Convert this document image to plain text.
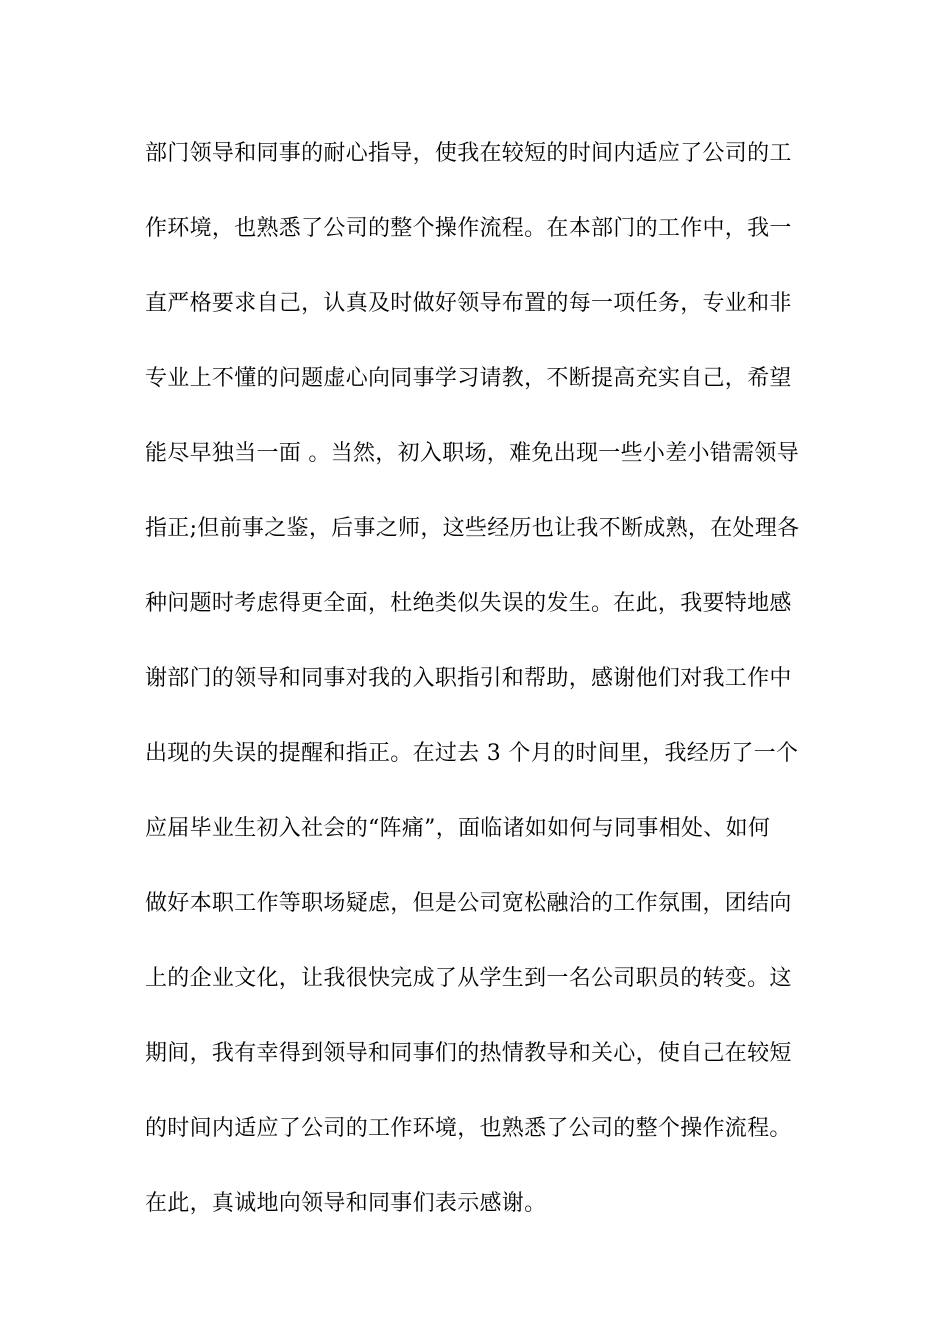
部门领导和同事的耐心指导，使我在较短的时间内适应了公司的工
作环境，也熟悉了公司的整个操作流程。在本部门的工作中，我一
直严格要求自己，认真及时做好领导布置的每一项任务，专业和非
专业上不懂的问题虚心向同事学习请教，不断提高充实自己，希望
能尽早独当一面 。当然，初入职场，难免出现一些小差小错需领导
指正;但前事之鉴，后事之师，这些经历也让我不断成熟，在处理各
种问题时考虑得更全面，杜绝类似失误的发生。在此，我要特地感
谢部门的领导和同事对我的入职指引和帮助，感谢他们对我工作中
出现的失误的提醒和指正。在过去 3 个月的时间里，我经历了一个
应届毕业生初入社会的“阵痛”，面临诸如如何与同事相处、如何
做好本职工作等职场疑虑，但是公司宽松融洽的工作氛围，团结向
上的企业文化，让我很快完成了从学生到一名公司职员的转变。这
期间，我有幸得到领导和同事们的热情教导和关心，使自己在较短
的时间内适应了公司的工作环境，也熟悉了公司的整个操作流程。
在此，真诚地向领导和同事们表示感谢。
